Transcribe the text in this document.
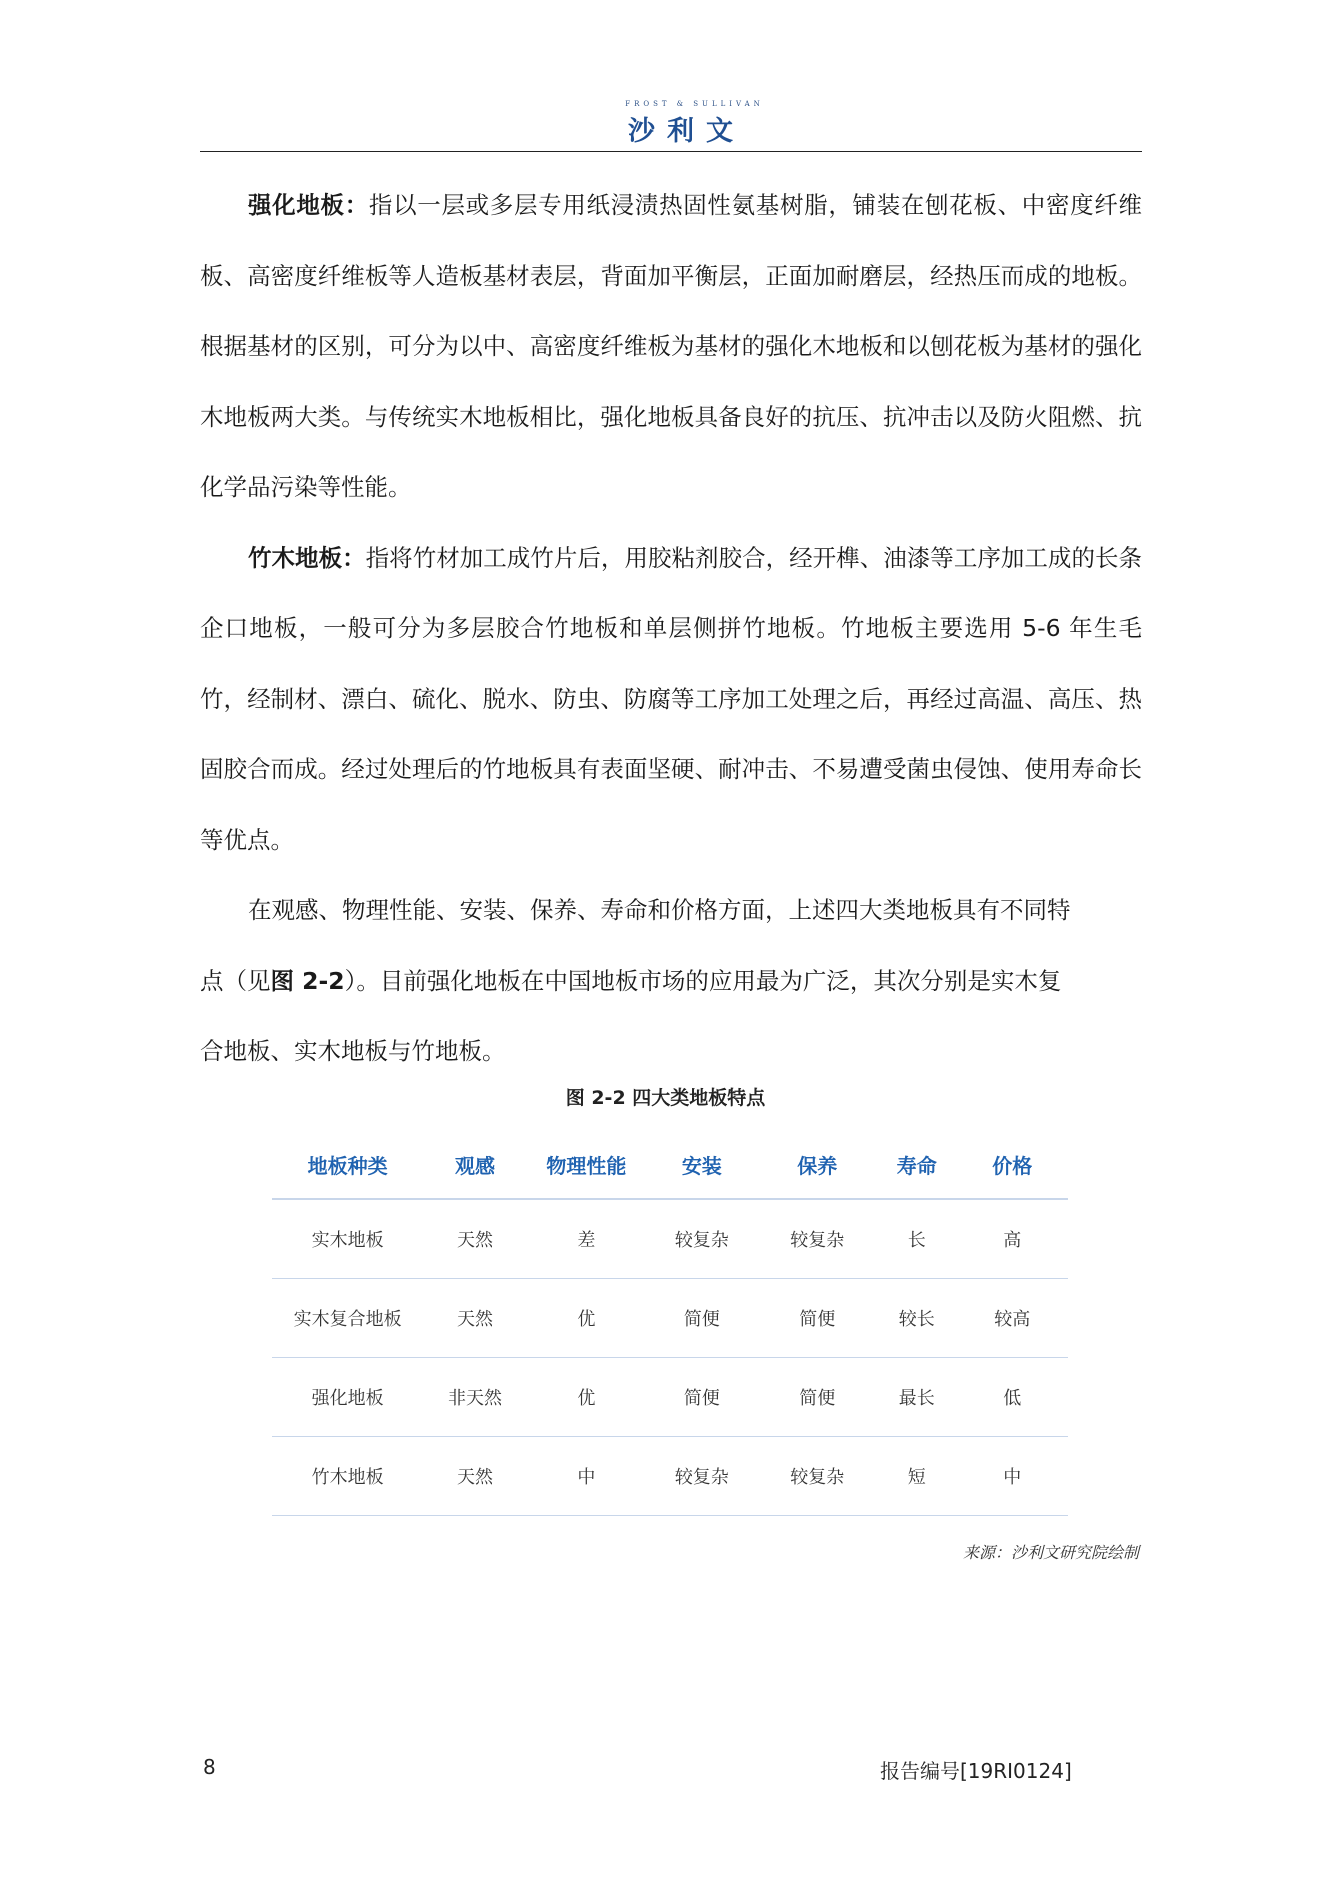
FROST & SULLIVAN
沙利文

强化地板：指以一层或多层专用纸浸渍热固性氨基树脂，铺装在刨花板、中密度纤维板、高密度纤维板等人造板基材表层，背面加平衡层，正面加耐磨层，经热压而成的地板。根据基材的区别，可分为以中、高密度纤维板为基材的强化木地板和以刨花板为基材的强化木地板两大类。与传统实木地板相比，强化地板具备良好的抗压、抗冲击以及防火阻燃、抗化学品污染等性能。

竹木地板：指将竹材加工成竹片后，用胶粘剂胶合，经开榫、油漆等工序加工成的长条企口地板，一般可分为多层胶合竹地板和单层侧拼竹地板。竹地板主要选用 5-6 年生毛竹，经制材、漂白、硫化、脱水、防虫、防腐等工序加工处理之后，再经过高温、高压、热固胶合而成。经过处理后的竹地板具有表面坚硬、耐冲击、不易遭受菌虫侵蚀、使用寿命长等优点。

在观感、物理性能、安装、保养、寿命和价格方面，上述四大类地板具有不同特点（见图 2-2）。目前强化地板在中国地板市场的应用最为广泛，其次分别是实木复合地板、实木地板与竹地板。

图 2-2 四大类地板特点
地板种类	观感	物理性能	安装	保养	寿命	价格
实木地板	天然	差	较复杂	较复杂	长	高
实木复合地板	天然	优	简便	简便	较长	较高
强化地板	非天然	优	简便	简便	最长	低
竹木地板	天然	中	较复杂	较复杂	短	中
来源：沙利文研究院绘制
8	报告编号[19RI0124]
